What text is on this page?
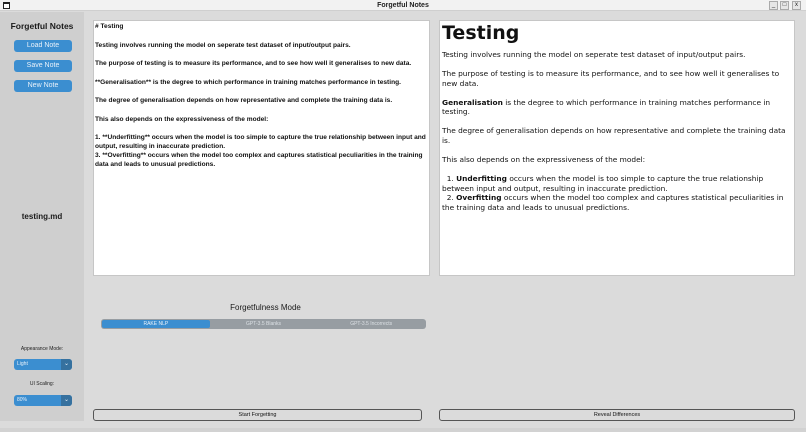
Forgetful Notes	_	□	x
Forgetful Notes
Load Note
Save Note
New Note
testing.md
Appearance Mode:
Light	⌄
UI Scaling:
80%	⌄

# Testing

Testing involves running the model on seperate test dataset of input/output pairs.

The purpose of testing is to measure its performance, and to see how well it generalises to new data.

**Generalisation** is the degree to which performance in training matches performance in testing.

The degree of generalisation depends on how representative and complete the training data is.

This also depends on the expressiveness of the model:

1. **Underfitting** occurs when the model is too simple to capture the true relationship between input and output, resulting in inaccurate prediction.

3. **Overfitting** occurs when the model too complex and captures statistical peculiarities in the training data and leads to unusual predictions.

Testing

Testing involves running the model on seperate test dataset of input/output pairs.

The purpose of testing is to measure its performance, and to see how well it generalises to new data.

Generalisation is the degree to which performance in training matches performance in testing.

The degree of generalisation depends on how representative and complete the training data is.

This also depends on the expressiveness of the model:

1. Underfitting occurs when the model is too simple to capture the true relationship between input and output, resulting in inaccurate prediction.
2. Overfitting occurs when the model too complex and captures statistical peculiarities in the training data and leads to unusual predictions.
Forgetfulness Mode
RAKE NLP	GPT-3.5 Blanks	GPT-3.5 Incorrects
Start Forgetting	Reveal Differences
